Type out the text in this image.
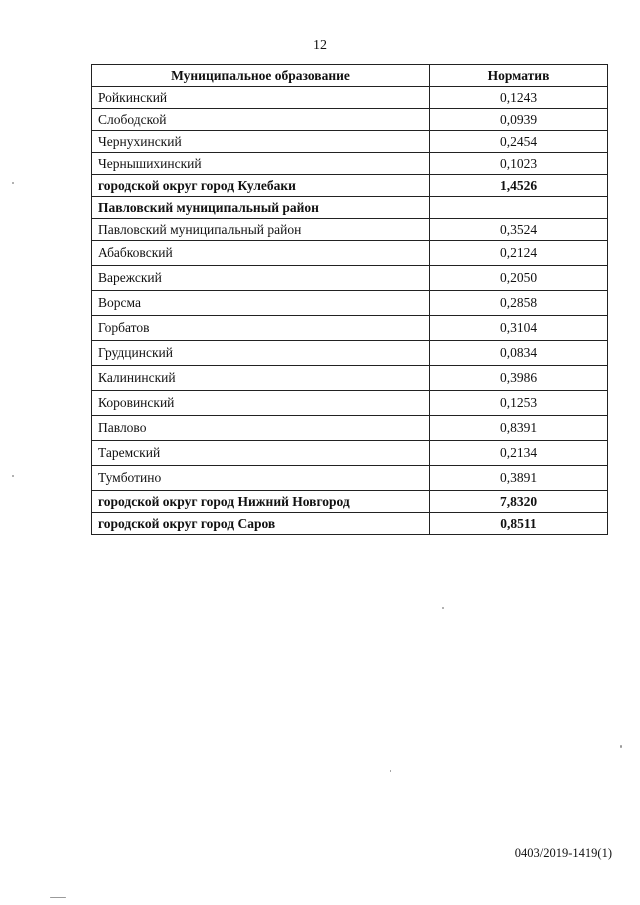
12
Муниципальное образование	Норматив
Ройкинский	0,1243
Слободской	0,0939
Чернухинский	0,2454
Чернышихинский	0,1023
городской округ город Кулебаки	1,4526
Павловский муниципальный район	
Павловский муниципальный район	0,3524
Абабковский	0,2124
Варежский	0,2050
Ворсма	0,2858
Горбатов	0,3104
Грудцинский	0,0834
Калининский	0,3986
Коровинский	0,1253
Павлово	0,8391
Таремский	0,2134
Тумботино	0,3891
городской округ город Нижний Новгород	7,8320
городской округ город Саров	0,8511
0403/2019-1419(1)
